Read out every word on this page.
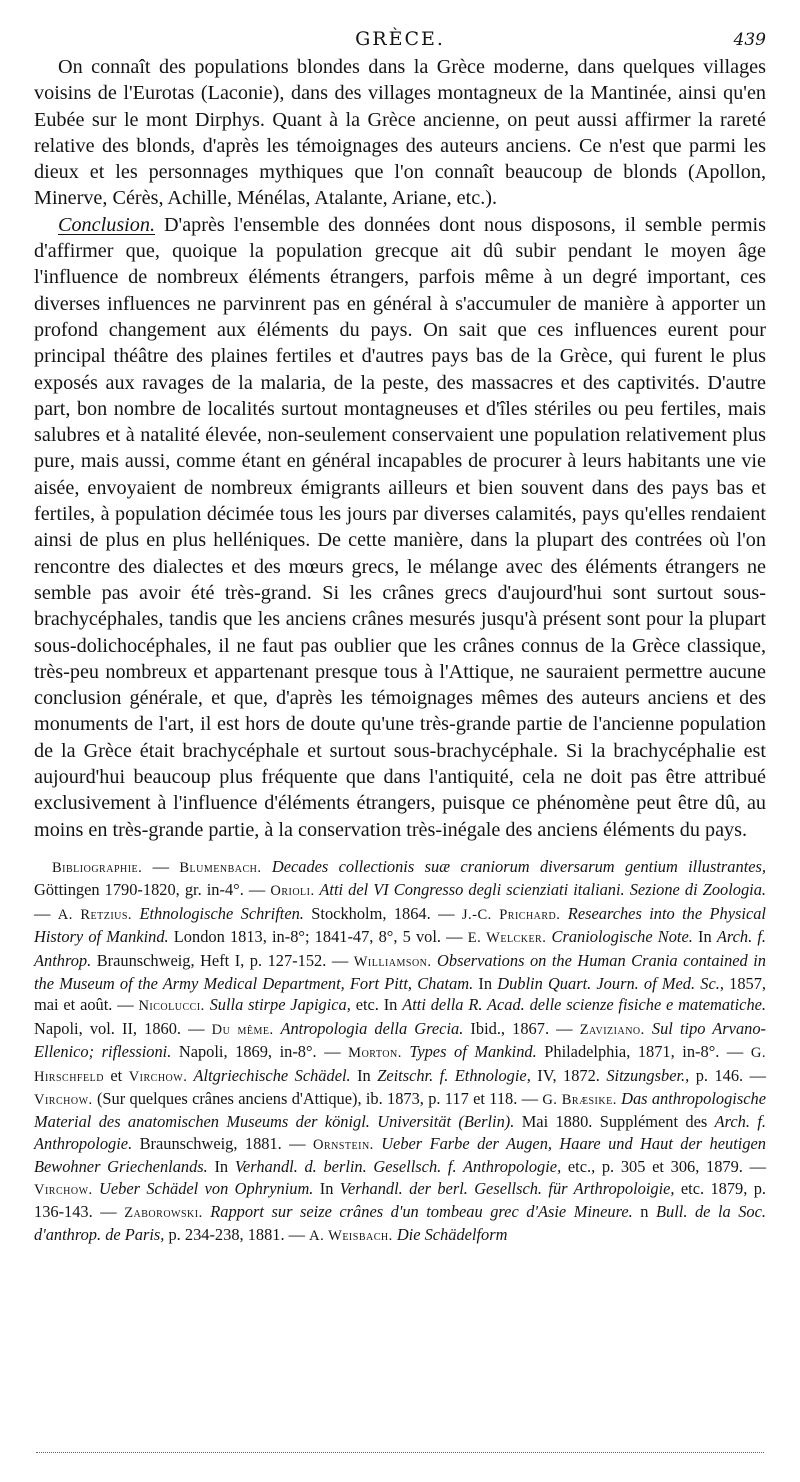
GRÈCE.	439

On connaît des populations blondes dans la Grèce moderne, dans quelques villages voisins de l'Eurotas (Laconie), dans des villages montagneux de la Mantinée, ainsi qu'en Eubée sur le mont Dirphys. Quant à la Grèce ancienne, on peut aussi affirmer la rareté relative des blonds, d'après les témoignages des auteurs anciens. Ce n'est que parmi les dieux et les personnages mythiques que l'on connaît beaucoup de blonds (Apollon, Minerve, Cérès, Achille, Ménélas, Atalante, Ariane, etc.).

Conclusion. D'après l'ensemble des données dont nous disposons, il semble permis d'affirmer que, quoique la population grecque ait dû subir pendant le moyen âge l'influence de nombreux éléments étrangers, parfois même à un degré important, ces diverses influences ne parvinrent pas en général à s'accumuler de manière à apporter un profond changement aux éléments du pays. On sait que ces influences eurent pour principal théâtre des plaines fertiles et d'autres pays bas de la Grèce, qui furent le plus exposés aux ravages de la malaria, de la peste, des massacres et des captivités. D'autre part, bon nombre de localités surtout montagneuses et d'îles stériles ou peu fertiles, mais salubres et à natalité élevée, non-seulement conservaient une population relativement plus pure, mais aussi, comme étant en général incapables de procurer à leurs habitants une vie aisée, envoyaient de nombreux émigrants ailleurs et bien souvent dans des pays bas et fertiles, à population décimée tous les jours par diverses calamités, pays qu'elles rendaient ainsi de plus en plus helléniques. De cette manière, dans la plupart des contrées où l'on rencontre des dialectes et des mœurs grecs, le mélange avec des éléments étrangers ne semble pas avoir été très-grand. Si les crânes grecs d'aujourd'hui sont surtout sous-brachycéphales, tandis que les anciens crânes mesurés jusqu'à présent sont pour la plupart sous-dolichocéphales, il ne faut pas oublier que les crânes connus de la Grèce classique, très-peu nombreux et appartenant presque tous à l'Attique, ne sauraient permettre aucune conclusion générale, et que, d'après les témoignages mêmes des auteurs anciens et des monuments de l'art, il est hors de doute qu'une très-grande partie de l'ancienne population de la Grèce était brachycéphale et surtout sous-brachycéphale. Si la brachycéphalie est aujourd'hui beaucoup plus fréquente que dans l'antiquité, cela ne doit pas être attribué exclusivement à l'influence d'éléments étrangers, puisque ce phénomène peut être dû, au moins en très-grande partie, à la conservation très-inégale des anciens éléments du pays.

Bibliographie. — Blumenbach. Decades collectionis suæ craniorum diversarum gentium illustrantes, Göttingen 1790-1820, gr. in-4°. — Orioli. Atti del VI Congresso degli scienziati italiani. Sezione di Zoologia. — A. Retzius. Ethnologische Schriften. Stockholm, 1864. — J.-C. Prichard. Researches into the Physical History of Mankind. London 1813, in-8°; 1841-47, 8°, 5 vol. — E. Welcker. Craniologische Note. In Arch. f. Anthrop. Braunschweig, Heft I, p. 127-152. — Williamson. Observations on the Human Crania contained in the Museum of the Army Medical Department, Fort Pitt, Chatam. In Dublin Quart. Journ. of Med. Sc., 1857, mai et août. — Nicolucci. Sulla stirpe Japigica, etc. In Atti della R. Acad. delle scienze fisiche e matematiche. Napoli, vol. II, 1860. — Du même. Antropologia della Grecia. Ibid., 1867. — Zaviziano. Sul tipo Arvano-Ellenico; riflessioni. Napoli, 1869, in-8°. — Morton. Types of Mankind. Philadelphia, 1871, in-8°. — G. Hirschfeld et Virchow. Altgriechische Schädel. In Zeitschr. f. Ethnologie, IV, 1872. Sitzungsber., p. 146. — Virchow. (Sur quelques crânes anciens d'Attique), ib. 1873, p. 117 et 118. — G. Bræsike. Das anthropologische Material des anatomischen Museums der königl. Universität (Berlin). Mai 1880. Supplément des Arch. f. Anthropologie. Braunschweig, 1881. — Ornstein. Ueber Farbe der Augen, Haare und Haut der heutigen Bewohner Griechenlands. In Verhandl. d. berlin. Gesellsch. f. Anthropologie, etc., p. 305 et 306, 1879. — Virchow. Ueber Schädel von Ophrynium. In Verhandl. der berl. Gesellsch. für Arthropoloigie, etc. 1879, p. 136-143. — Zaborowski. Rapport sur seize crânes d'un tombeau grec d'Asie Mineure. n Bull. de la Soc. d'anthrop. de Paris, p. 234-238, 1881. — A. Weisbach. Die Schädelform
